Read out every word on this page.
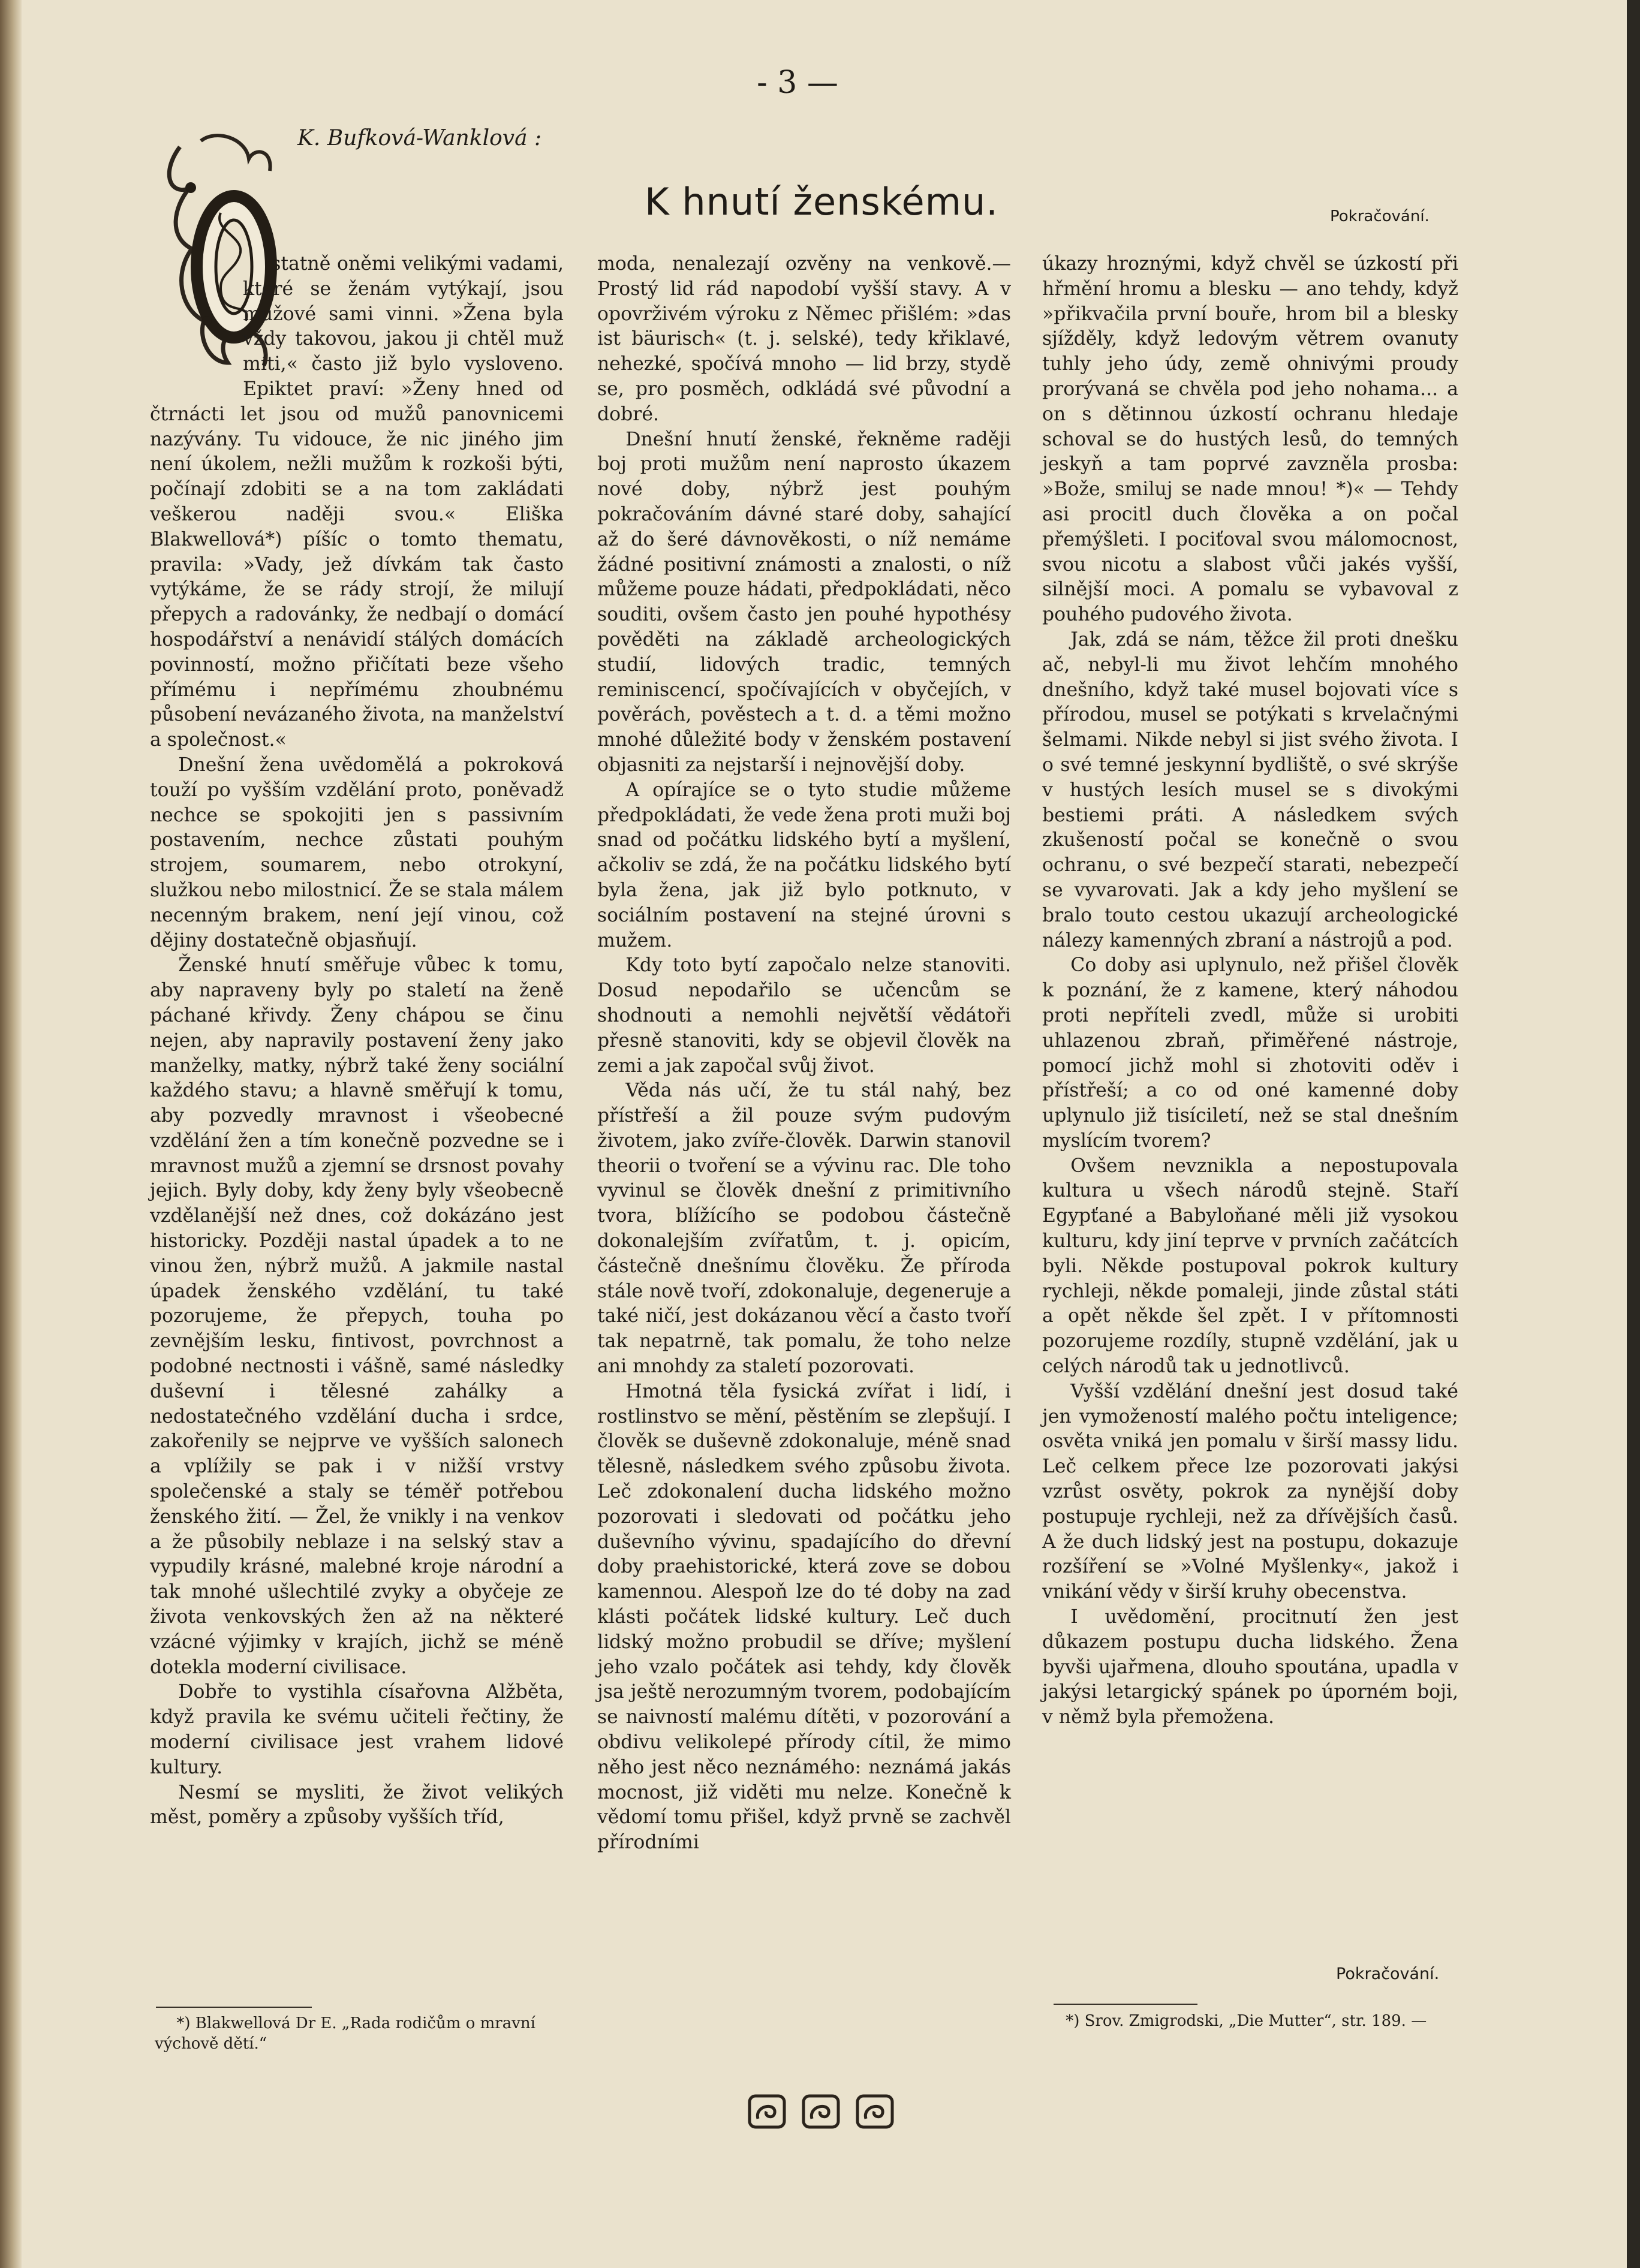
- 3 —
K. Bufková-Wanklová :
K hnutí ženskému.	Pokračování.
O

statně oněmi velikými vadami, které se ženám vytýkají, jsou mužové sami vinni. »Žena byla vždy takovou, jakou ji chtěl muž míti,« často již bylo vysloveno. Epiktet praví: »Ženy hned od čtrnácti let jsou od mužů panovnicemi nazývány. Tu vidouce, že nic jiného jim není úkolem, nežli mužům k rozkoši býti, počínají zdobiti se a na tom zakládati veškerou naději svou.« Eliška Blakwellová*) píšíc o tomto thematu, pravila: »Vady, jež dívkám tak často vytýkáme, že se rády strojí, že milují přepych a radovánky, že nedbají o domácí hospodářství a nenávidí stálých domácích povinností, možno přičítati beze všeho přímému i nepřímému zhoubnému působení nevázaného života, na manželství a společnost.«

Dnešní žena uvědomělá a pokroková touží po vyšším vzdělání proto, poněvadž nechce se spokojiti jen s passivním postavením, nechce zůstati pouhým strojem, soumarem, nebo otrokyní, služkou nebo milostnicí. Že se stala málem necenným brakem, není její vinou, což dějiny dostatečně objasňují.

Ženské hnutí směřuje vůbec k tomu, aby napraveny byly po staletí na ženě páchané křivdy. Ženy chápou se činu nejen, aby napravily postavení ženy jako manželky, matky, nýbrž také ženy sociální každého stavu; a hlavně směřují k tomu, aby pozvedly mravnost i všeobecné vzdělání žen a tím konečně pozvedne se i mravnost mužů a zjemní se drsnost povahy jejich. Byly doby, kdy ženy byly všeobecně vzdělanější než dnes, což dokázáno jest historicky. Později nastal úpadek a to ne vinou žen, nýbrž mužů. A jakmile nastal úpadek ženského vzdělání, tu také pozorujeme, že přepych, touha po zevnějším lesku, fintivost, povrchnost a podobné nectnosti i vášně, samé následky duševní i tělesné zahálky a nedostatečného vzdělání ducha i srdce, zakořenily se nejprve ve vyšších salonech a vplížily se pak i v nižší vrstvy společenské a staly se téměř potřebou ženského žití. — Žel, že vnikly i na venkov a že působily neblaze i na selský stav a vypudily krásné, malebné kroje národní a tak mnohé ušlechtilé zvyky a obyčeje ze života venkovských žen až na některé vzácné výjimky v krajích, jichž se méně dotekla moderní civilisace.

Dobře to vystihla císařovna Alžběta, když pravila ke svému učiteli řečtiny, že moderní civilisace jest vrahem lidové kultury.

Nesmí se mysliti, že život velikých měst, poměry a způsoby vyšších tříd,

*) Blakwellová Dr E. „Rada rodičům o mravní výchově dětí.“

moda, nenalezají ozvěny na venkově.— Prostý lid rád napodobí vyšší stavy. A v opovrživém výroku z Němec přišlém: »das ist bäurisch« (t. j. selské), tedy křiklavé, nehezké, spočívá mnoho — lid brzy, stydě se, pro posměch, odkládá své původní a dobré.

Dnešní hnutí ženské, řekněme raději boj proti mužům není naprosto úkazem nové doby, nýbrž jest pouhým pokračováním dávné staré doby, sahající až do šeré dávnověkosti, o níž nemáme žádné positivní známosti a znalosti, o níž můžeme pouze hádati, předpokládati, něco souditi, ovšem často jen pouhé hypothésy pověděti na základě archeologických studií, lidových tradic, temných reminiscencí, spočívajících v obyčejích, v pověrách, pověstech a t. d. a těmi možno mnohé důležité body v ženském postavení objasniti za nejstarší i nejnovější doby.

A opírajíce se o tyto studie můžeme předpokládati, že vede žena proti muži boj snad od počátku lidského bytí a myšlení, ačkoliv se zdá, že na počátku lidského bytí byla žena, jak již bylo potknuto, v sociálním postavení na stejné úrovni s mužem.

Kdy toto bytí započalo nelze stanoviti. Dosud nepodařilo se učencům se shodnouti a nemohli největší vědátoři přesně stanoviti, kdy se objevil člověk na zemi a jak započal svůj život.

Věda nás učí, že tu stál nahý, bez přístřeší a žil pouze svým pudovým životem, jako zvíře-člověk. Darwin stanovil theorii o tvoření se a vývinu rac. Dle toho vyvinul se člověk dnešní z primitivního tvora, blížícího se podobou částečně dokonalejším zvířatům, t. j. opicím, částečně dnešnímu člověku. Že příroda stále nově tvoří, zdokonaluje, degeneruje a také ničí, jest dokázanou věcí a často tvoří tak nepatrně, tak pomalu, že toho nelze ani mnohdy za staletí pozorovati.

Hmotná těla fysická zvířat i lidí, i rostlinstvo se mění, pěstěním se zlepšují. I člověk se duševně zdokonaluje, méně snad tělesně, následkem svého způsobu života. Leč zdokonalení ducha lidského možno pozorovati i sledovati od počátku jeho duševního vývinu, spadajícího do dřevní doby praehistorické, která zove se dobou kamennou. Alespoň lze do té doby na zad klásti počátek lidské kultury. Leč duch lidský možno probudil se dříve; myšlení jeho vzalo počátek asi tehdy, kdy člověk jsa ještě nerozumným tvorem, podobajícím se naivností malému dítěti, v pozorování a obdivu velikolepé přírody cítil, že mimo něho jest něco neznámého: neznámá jakás mocnost, již viděti mu nelze. Konečně k vědomí tomu přišel, když prvně se zachvěl přírodními

úkazy hroznými, když chvěl se úzkostí při hřmění hromu a blesku — ano tehdy, když »přikvačila první bouře, hrom bil a blesky sjížděly, když ledovým větrem ovanuty tuhly jeho údy, země ohnivými proudy prorývaná se chvěla pod jeho nohama... a on s dětinnou úzkostí ochranu hledaje schoval se do hustých lesů, do temných jeskyň a tam poprvé zavzněla prosba: »Bože, smiluj se nade mnou! *)« — Tehdy asi procitl duch člověka a on počal přemýšleti. I pociťoval svou málomocnost, svou nicotu a slabost vůči jakés vyšší, silnější moci. A pomalu se vybavoval z pouhého pudového života.

Jak, zdá se nám, těžce žil proti dnešku ač, nebyl-li mu život lehčím mnohého dnešního, když také musel bojovati více s přírodou, musel se potýkati s krvelačnými šelmami. Nikde nebyl si jist svého života. I o své temné jeskynní bydliště, o své skrýše v hustých lesích musel se s divokými bestiemi práti. A následkem svých zkušeností počal se konečně o svou ochranu, o své bezpečí starati, nebezpečí se vyvarovati. Jak a kdy jeho myšlení se bralo touto cestou ukazují archeologické nálezy kamenných zbraní a nástrojů a pod.

Co doby asi uplynulo, než přišel člověk k poznání, že z kamene, který náhodou proti nepříteli zvedl, může si urobiti uhlazenou zbraň, přiměřené nástroje, pomocí jichž mohl si zhotoviti oděv i přístřeší; a co od oné kamenné doby uplynulo již tisíciletí, než se stal dnešním myslícím tvorem?

Ovšem nevznikla a nepostupovala kultura u všech národů stejně. Staří Egypťané a Babyloňané měli již vysokou kulturu, kdy jiní teprve v prvních začátcích byli. Někde postupoval pokrok kultury rychleji, někde pomaleji, jinde zůstal státi a opět někde šel zpět. I v přítomnosti pozorujeme rozdíly, stupně vzdělání, jak u celých národů tak u jednotlivců.

Vyšší vzdělání dnešní jest dosud také jen vymožeností malého počtu inteligence; osvěta vniká jen pomalu v širší massy lidu. Leč celkem přece lze pozorovati jakýsi vzrůst osvěty, pokrok za nynější doby postupuje rychleji, než za dřívějších časů. A že duch lidský jest na postupu, dokazuje rozšíření se »Volné Myšlenky«, jakož i vnikání vědy v širší kruhy obecenstva.

I uvědomění, procitnutí žen jest důkazem postupu ducha lidského. Žena byvši ujařmena, dlouho spoutána, upadla v jakýsi letargický spánek po úporném boji, v němž byla přemožena.

Pokračování.
*) Srov. Zmigrodski, „Die Mutter“, str. 189. —
